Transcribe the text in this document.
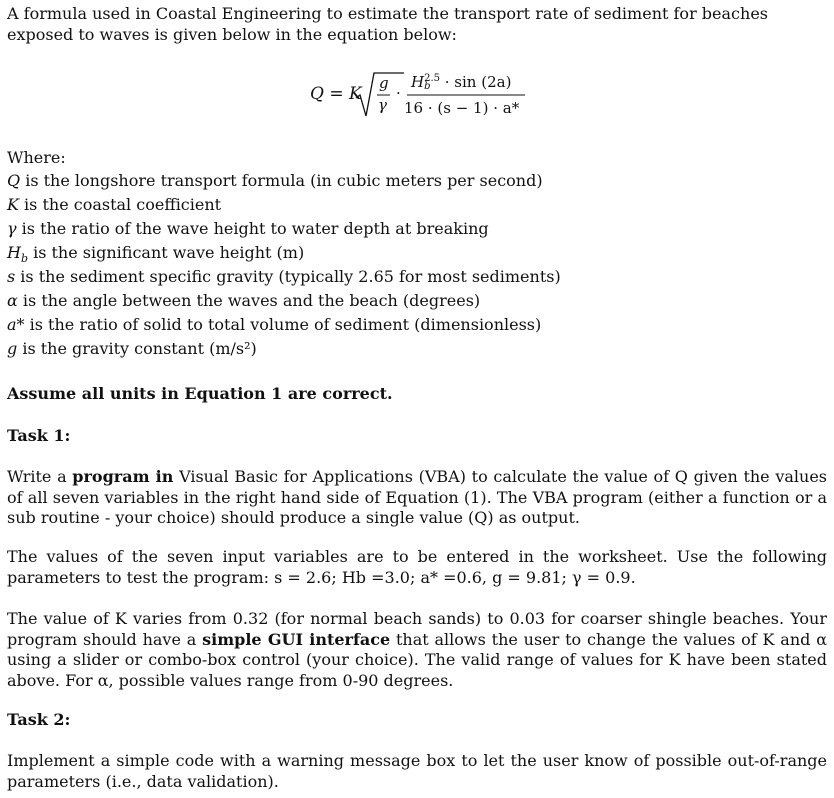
A formula used in Coastal Engineering to estimate the transport rate of sediment for beaches exposed to waves is given below in the equation below:

Q = K
g
γ
·
$H^{2.5}$
b · sin (2a)
16 · (s − 1) · a*

Where:

Q is the longshore transport formula (in cubic meters per second)
K is the coastal coefficient
γ is the ratio of the wave height to water depth at breaking
$H_b$ is the significant wave height (m)
s is the sediment specific gravity (typically 2.65 for most sediments)
α is the angle between the waves and the beach (degrees)
a* is the ratio of solid to total volume of sediment (dimensionless)
g is the gravity constant (m/s²)

Assume all units in Equation 1 are correct.

Task 1:

Write a program in Visual Basic for Applications (VBA) to calculate the value of Q given the values of all seven variables in the right hand side of Equation (1). The VBA program (either a function or a sub routine - your choice) should produce a single value (Q) as output.

The values of the seven input variables are to be entered in the worksheet. Use the following parameters to test the program: s = 2.6; Hb =3.0; a* =0.6, g = 9.81; γ = 0.9.

The value of K varies from 0.32 (for normal beach sands) to 0.03 for coarser shingle beaches. Your program should have a simple GUI interface that allows the user to change the values of K and α using a slider or combo-box control (your choice). The valid range of values for K have been stated above. For α, possible values range from 0-90 degrees.

Task 2:

Implement a simple code with a warning message box to let the user know of possible out-of-range parameters (i.e., data validation).
